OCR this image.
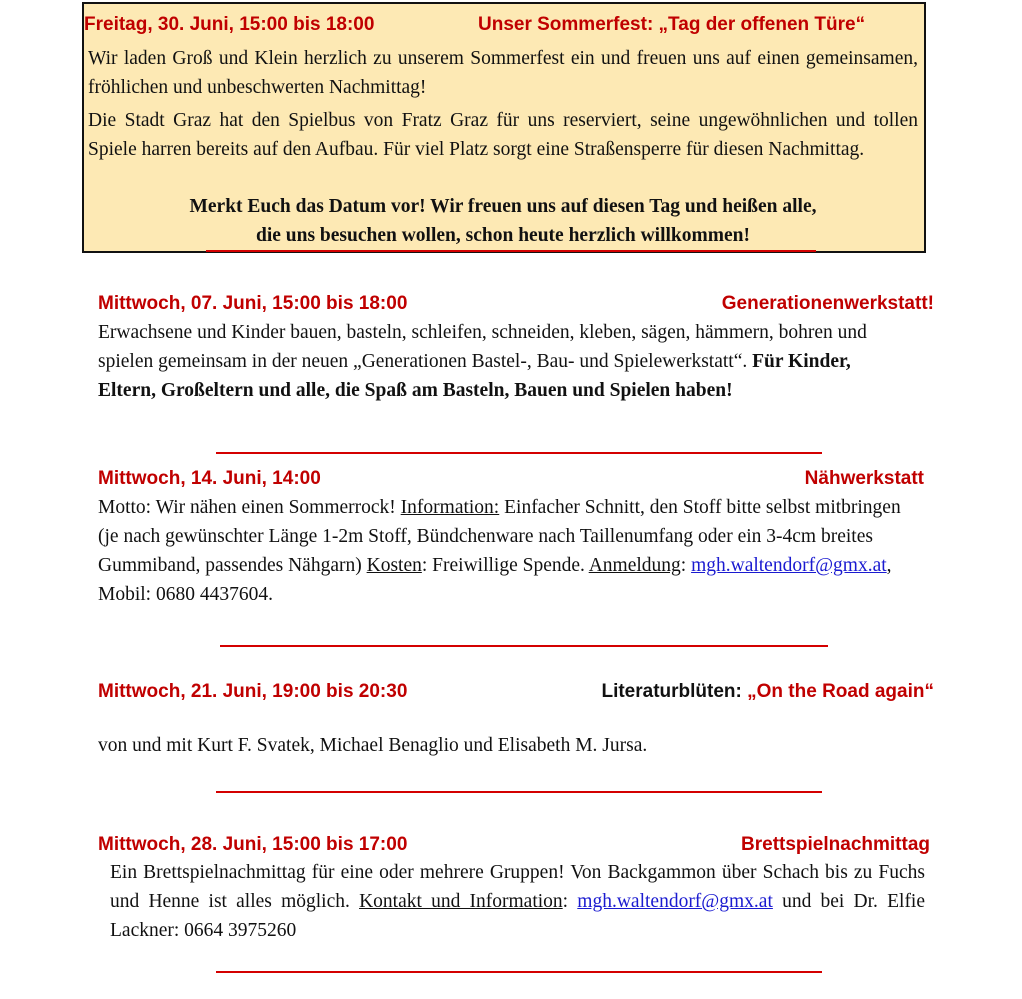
Freitag, 30. Juni, 15:00 bis 18:00	Unser Sommerfest: „Tag der offenen Türe“
Wir laden Groß und Klein herzlich zu unserem Sommerfest ein und freuen uns auf einen gemeinsamen, fröhlichen und unbeschwerten Nachmittag!
Die Stadt Graz hat den Spielbus von Fratz Graz für uns reserviert, seine ungewöhnlichen und tollen Spiele harren bereits auf den Aufbau. Für viel Platz sorgt eine Straßensperre für diesen Nachmittag.
Merkt Euch das Datum vor! Wir freuen uns auf diesen Tag und heißen alle,
die uns besuchen wollen, schon heute herzlich willkommen!
Mittwoch, 07. Juni, 15:00 bis 18:00	Generationenwerkstatt!
Erwachsene und Kinder bauen, basteln, schleifen, schneiden, kleben, sägen, hämmern, bohren und spielen gemeinsam in der neuen „Generationen Bastel-, Bau- und Spielewerkstatt“. Für Kinder, Eltern, Großeltern und alle, die Spaß am Basteln, Bauen und Spielen haben!
Mittwoch, 14. Juni, 14:00	Nähwerkstatt
Motto: Wir nähen einen Sommerrock! Information: Einfacher Schnitt, den Stoff bitte selbst mitbringen (je nach gewünschter Länge 1-2m Stoff, Bündchenware nach Taillenumfang oder ein 3-4cm breites Gummiband, passendes Nähgarn) Kosten: Freiwillige Spende. Anmeldung: mgh.waltendorf@gmx.at, Mobil: 0680 4437604.
Mittwoch, 21. Juni, 19:00 bis 20:30	Literaturblüten: „On the Road again“
von und mit Kurt F. Svatek, Michael Benaglio und Elisabeth M. Jursa.
Mittwoch, 28. Juni, 15:00 bis 17:00	Brettspielnachmittag
Ein Brettspielnachmittag für eine oder mehrere Gruppen! Von Backgammon über Schach bis zu Fuchs und Henne ist alles möglich. Kontakt und Information: mgh.waltendorf@gmx.at und bei Dr. Elfie Lackner: 0664 3975260
